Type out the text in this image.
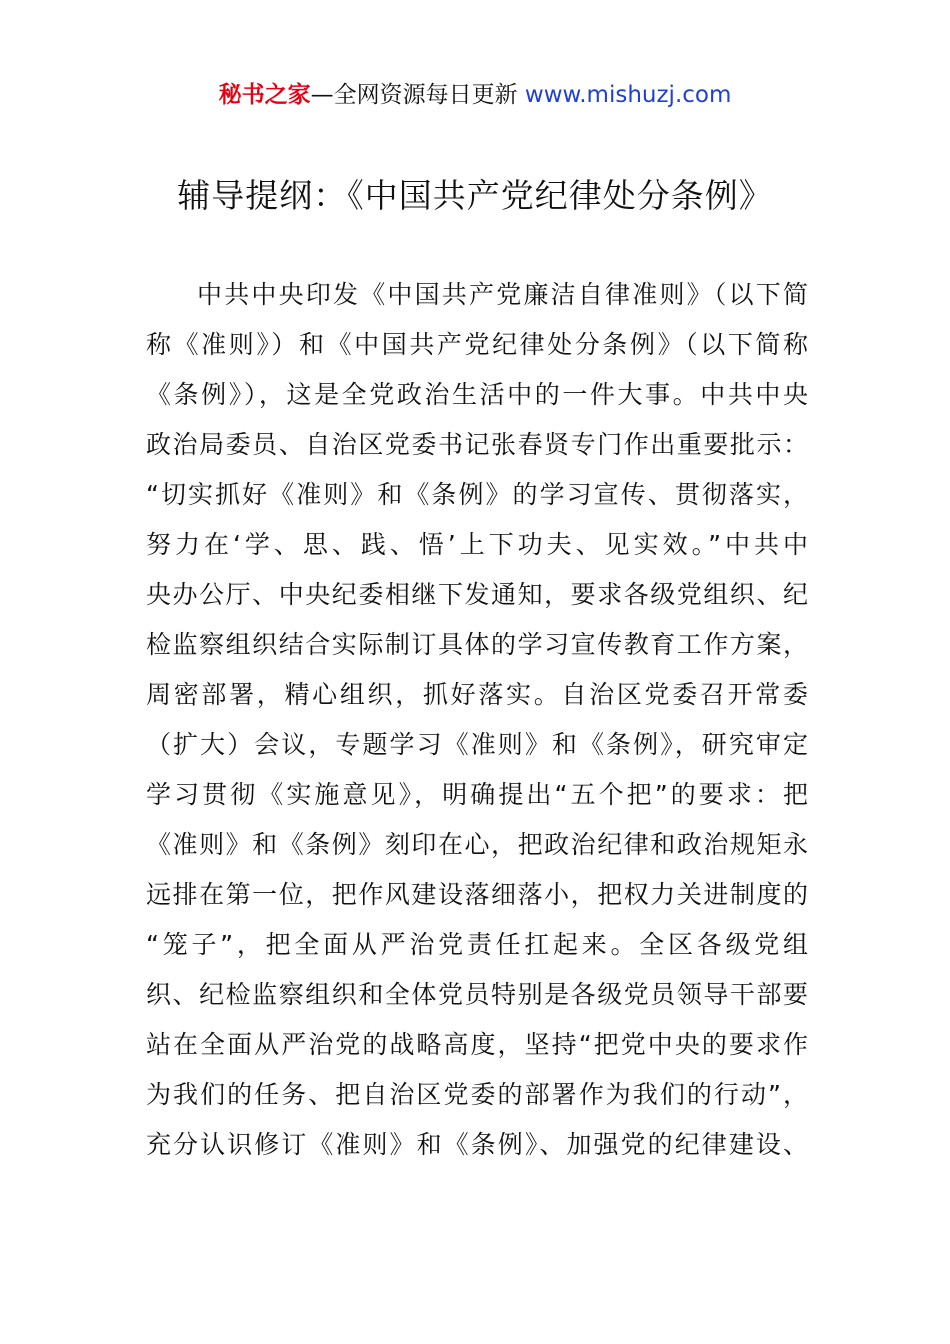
秘书之家—全网资源每日更新 www.mishuzj.com
辅导提纲：《中国共产党纪律处分条例》
中共中央印发《中国共产党廉洁自律准则》（以下简
称《准则》）和《中国共产党纪律处分条例》（以下简称
《条例》），这是全党政治生活中的一件大事。中共中央
政治局委员、自治区党委书记张春贤专门作出重要批示：
“切实抓好《准则》和《条例》的学习宣传、贯彻落实，
努力在‘学、思、践、悟’上下功夫、见实效。”中共中
央办公厅、中央纪委相继下发通知，要求各级党组织、纪
检监察组织结合实际制订具体的学习宣传教育工作方案，
周密部署，精心组织，抓好落实。自治区党委召开常委
（扩大）会议，专题学习《准则》和《条例》，研究审定
学习贯彻《实施意见》，明确提出“五个把”的要求：把
《准则》和《条例》刻印在心，把政治纪律和政治规矩永
远排在第一位，把作风建设落细落小，把权力关进制度的
“笼子”，把全面从严治党责任扛起来。全区各级党组
织、纪检监察组织和全体党员特别是各级党员领导干部要
站在全面从严治党的战略高度，坚持“把党中央的要求作
为我们的任务、把自治区党委的部署作为我们的行动”，
充分认识修订《准则》和《条例》、加强党的纪律建设、
